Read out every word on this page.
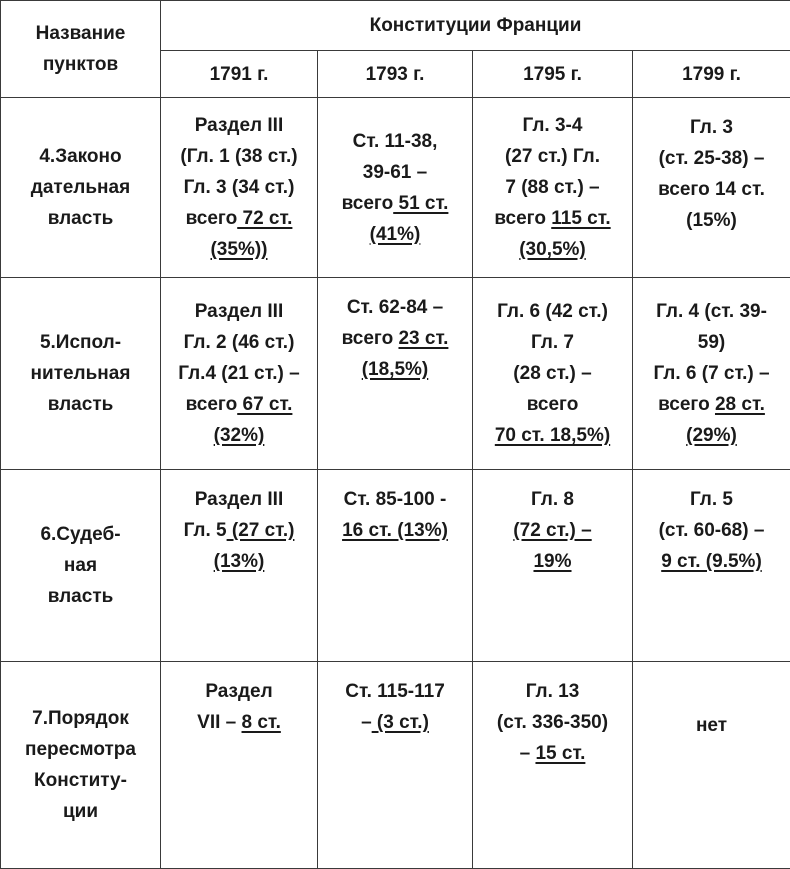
Название
пунктов	Конституции Франции			
	1791 г.	1793 г.	1795 г.	1799 г.

4.Законо
дательная
власть	Раздел III
(Гл. 1 (38 ст.)
Гл. 3 (34 ст.)
всего 72 ст.
(35%))	Ст. 11-38,
39-61 –
всего 51 ст.
(41%)	Гл. 3-4
(27 ст.) Гл.
7 (88 ст.) –
всего 115 ст.
(30,5%)	Гл. 3
(ст. 25-38) –
всего 14 ст.
(15%)

5.Испол-
нительная
власть	Раздел III
Гл. 2 (46 ст.)
Гл.4 (21 ст.) –
всего 67 ст.
(32%)	Ст. 62-84 –
всего 23 ст.
(18,5%)	Гл. 6 (42 ст.)
Гл. 7
(28 ст.) –
всего
70 ст. 18,5%)	Гл. 4 (ст. 39-
59)
Гл. 6 (7 ст.) –
всего 28 ст.
(29%)

6.Судеб-
ная
власть	Раздел III
Гл. 5 (27 ст.)
(13%)	Ст. 85-100 -
16 ст. (13%)	Гл. 8
(72 ст.) –
19%	Гл. 5
(ст. 60-68) –
9 ст. (9.5%)

7.Порядок
пересмотра
Конститу-
ции	Раздел
VII – 8 ст.	Ст. 115-117
– (3 ст.)	Гл. 13
(ст. 336-350)
– 15 ст.	нет
